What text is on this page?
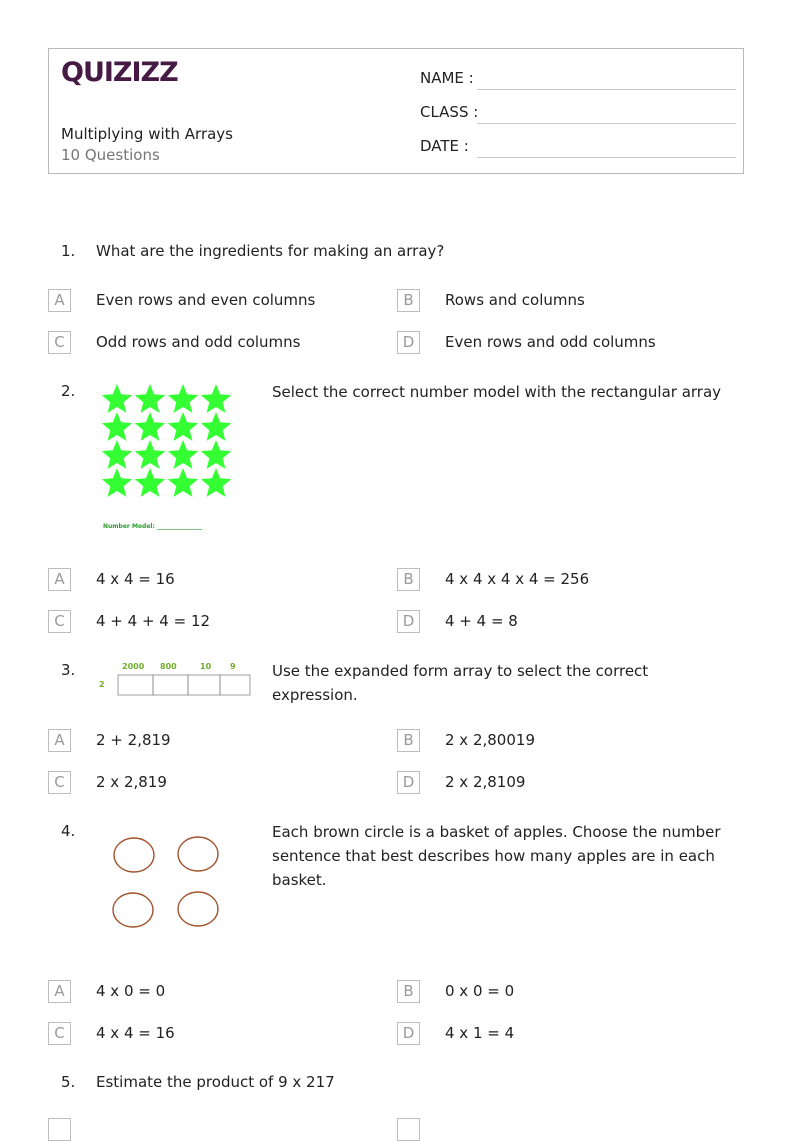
QUIZIZZ
Multiplying with Arrays
10 Questions
NAME :
CLASS :
DATE :
1. What are the ingredients for making an array?
A	Even rows and even columns	B	Rows and columns
C	Odd rows and odd columns	D	Even rows and odd columns
2.
Number Model: _______________
Select the correct number model with the rectangular array
A	4 x 4 = 16	B	4 x 4 x 4 x 4 = 256
C	4 + 4 + 4 = 12	D	4 + 4 = 8
3.
2
2000 800	10 9 Use the expanded form array to select the correct expression.
A	2 + 2,819	B	2 x 2,80019
C	2 x 2,819	D	2 x 2,8109
4.	Each brown circle is a basket of apples. Choose the number sentence that best describes how many apples are in each basket.
A	4 x 0 = 0	B	0 x 0 = 0
C	4 x 4 = 16	D	4 x 1 = 4
5. Estimate the product of 9 x 217
